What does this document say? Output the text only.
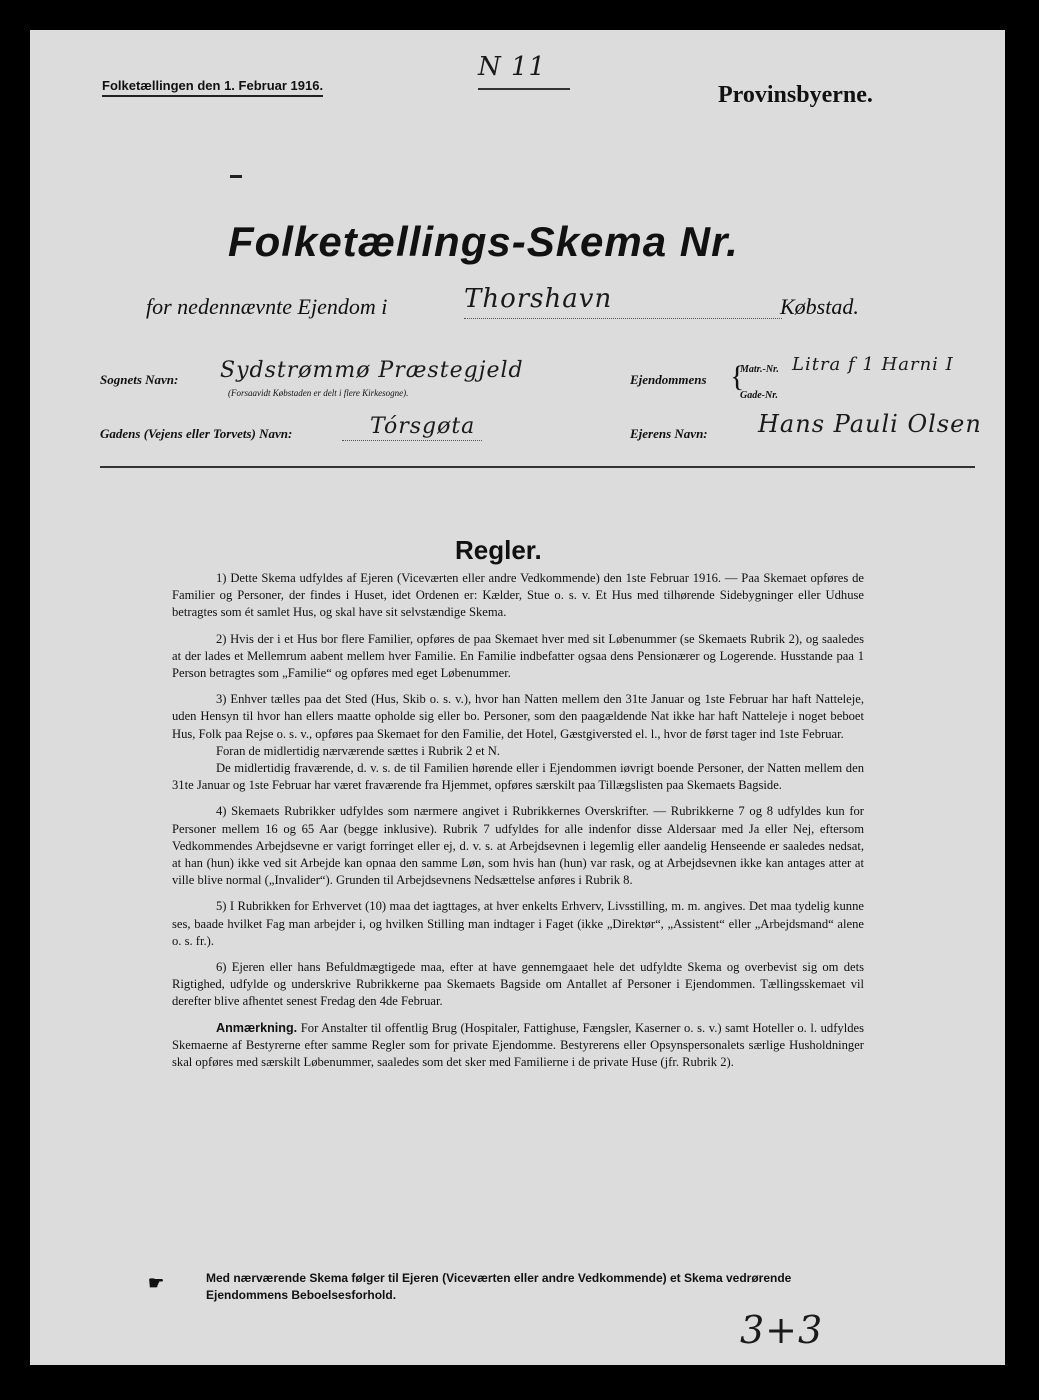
Folketællingen den 1. Februar 1916.
N 11
Provinsbyerne.
Folketællings-Skema Nr.
for nedennævnte Ejendom i	Thorshavn	Købstad.
Sognets Navn: Sydstrømmø Præstegjeld
(Forsaavidt Købstaden er delt i flere Kirkesogne).
Gadens (Vejens eller Torvets) Navn:	Tórsgøta
Ejendommens {
Matr.-Nr. Litra f 1 Harni I
Gade-Nr.
Ejerens Navn: Hans Pauli Olsen
Regler.

1) Dette Skema udfyldes af Ejeren (Viceværten eller andre Vedkommende) den 1ste Februar 1916. — Paa Skemaet opføres de Familier og Personer, der findes i Huset, idet Ordenen er: Kælder, Stue o. s. v. Et Hus med tilhørende Sidebygninger eller Udhuse betragtes som ét samlet Hus, og skal have sit selvstændige Skema.

2) Hvis der i et Hus bor flere Familier, opføres de paa Skemaet hver med sit Løbenummer (se Skemaets Rubrik 2), og saaledes at der lades et Mellemrum aabent mellem hver Familie. En Familie indbefatter ogsaa dens Pensionærer og Logerende. Husstande paa 1 Person betragtes som „Familie“ og opføres med eget Løbenummer.

3) Enhver tælles paa det Sted (Hus, Skib o. s. v.), hvor han Natten mellem den 31te Januar og 1ste Februar har haft Natteleje, uden Hensyn til hvor han ellers maatte opholde sig eller bo. Personer, som den paagældende Nat ikke har haft Natteleje i noget beboet Hus, Folk paa Rejse o. s. v., opføres paa Skemaet for den Familie, det Hotel, Gæstgiversted el. l., hvor de først tager ind 1ste Februar.

Foran de midlertidig nærværende sættes i Rubrik 2 et N.

De midlertidig fraværende, d. v. s. de til Familien hørende eller i Ejendommen iøvrigt boende Personer, der Natten mellem den 31te Januar og 1ste Februar har været fraværende fra Hjemmet, opføres særskilt paa Tillægslisten paa Skemaets Bagside.

4) Skemaets Rubrikker udfyldes som nærmere angivet i Rubrikkernes Overskrifter. — Rubrikkerne 7 og 8 udfyldes kun for Personer mellem 16 og 65 Aar (begge inklusive). Rubrik 7 udfyldes for alle indenfor disse Aldersaar med Ja eller Nej, eftersom Vedkommendes Arbejdsevne er varigt forringet eller ej, d. v. s. at Arbejdsevnen i legemlig eller aandelig Henseende er saaledes nedsat, at han (hun) ikke ved sit Arbejde kan opnaa den samme Løn, som hvis han (hun) var rask, og at Arbejdsevnen ikke kan antages atter at ville blive normal („Invalider“). Grunden til Arbejdsevnens Nedsættelse anføres i Rubrik 8.

5) I Rubrikken for Erhvervet (10) maa det iagttages, at hver enkelts Erhverv, Livsstilling, m. m. angives. Det maa tydelig kunne ses, baade hvilket Fag man arbejder i, og hvilken Stilling man indtager i Faget (ikke „Direktør“, „Assistent“ eller „Arbejdsmand“ alene o. s. fr.).

6) Ejeren eller hans Befuldmægtigede maa, efter at have gennemgaaet hele det udfyldte Skema og overbevist sig om dets Rigtighed, udfylde og underskrive Rubrikkerne paa Skemaets Bagside om Antallet af Personer i Ejendommen. Tællingsskemaet vil derefter blive afhentet senest Fredag den 4de Februar.

Anmærkning. For Anstalter til offentlig Brug (Hospitaler, Fattighuse, Fængsler, Kaserner o. s. v.) samt Hoteller o. l. udfyldes Skemaerne af Bestyrerne efter samme Regler som for private Ejendomme. Bestyrerens eller Opsynspersonalets særlige Husholdninger skal opføres med særskilt Løbenummer, saaledes som det sker med Familierne i de private Huse (jfr. Rubrik 2).

☛	Med nærværende Skema følger til Ejeren (Viceværten eller andre Vedkommende) et Skema vedrørende Ejendommens Beboelsesforhold.
3+3
